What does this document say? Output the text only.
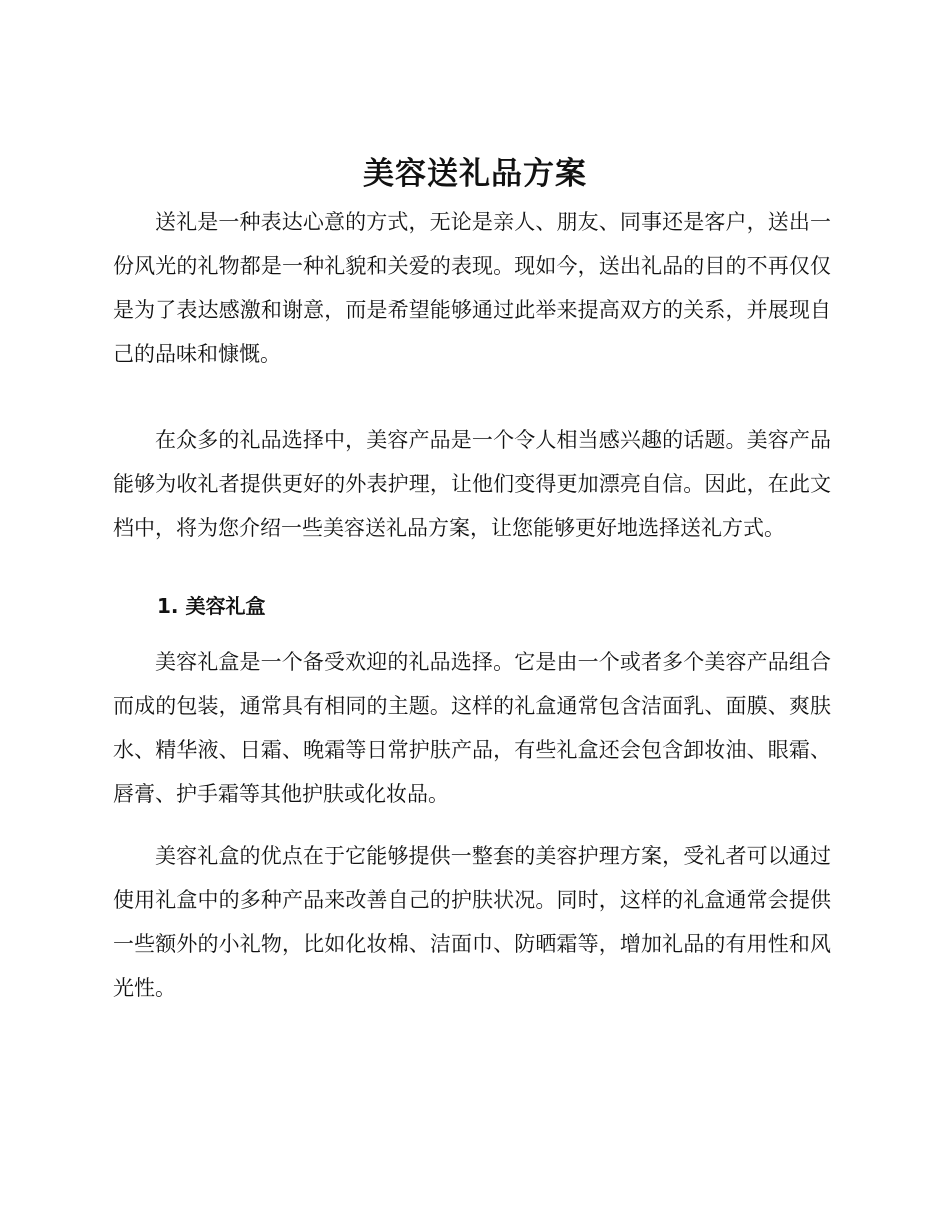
美容送礼品方案

送礼是一种表达心意的方式，无论是亲人、朋友、同事还是客户，送出一份风光的礼物都是一种礼貌和关爱的表现。现如今，送出礼品的目的不再仅仅是为了表达感激和谢意，而是希望能够通过此举来提高双方的关系，并展现自己的品味和慷慨。

在众多的礼品选择中，美容产品是一个令人相当感兴趣的话题。美容产品能够为收礼者提供更好的外表护理，让他们变得更加漂亮自信。因此，在此文档中，将为您介绍一些美容送礼品方案，让您能够更好地选择送礼方式。

1. 美容礼盒

美容礼盒是一个备受欢迎的礼品选择。它是由一个或者多个美容产品组合而成的包装，通常具有相同的主题。这样的礼盒通常包含洁面乳、面膜、爽肤水、精华液、日霜、晚霜等日常护肤产品，有些礼盒还会包含卸妆油、眼霜、唇膏、护手霜等其他护肤或化妆品。

美容礼盒的优点在于它能够提供一整套的美容护理方案，受礼者可以通过使用礼盒中的多种产品来改善自己的护肤状况。同时，这样的礼盒通常会提供一些额外的小礼物，比如化妆棉、洁面巾、防晒霜等，增加礼品的有用性和风光性。
